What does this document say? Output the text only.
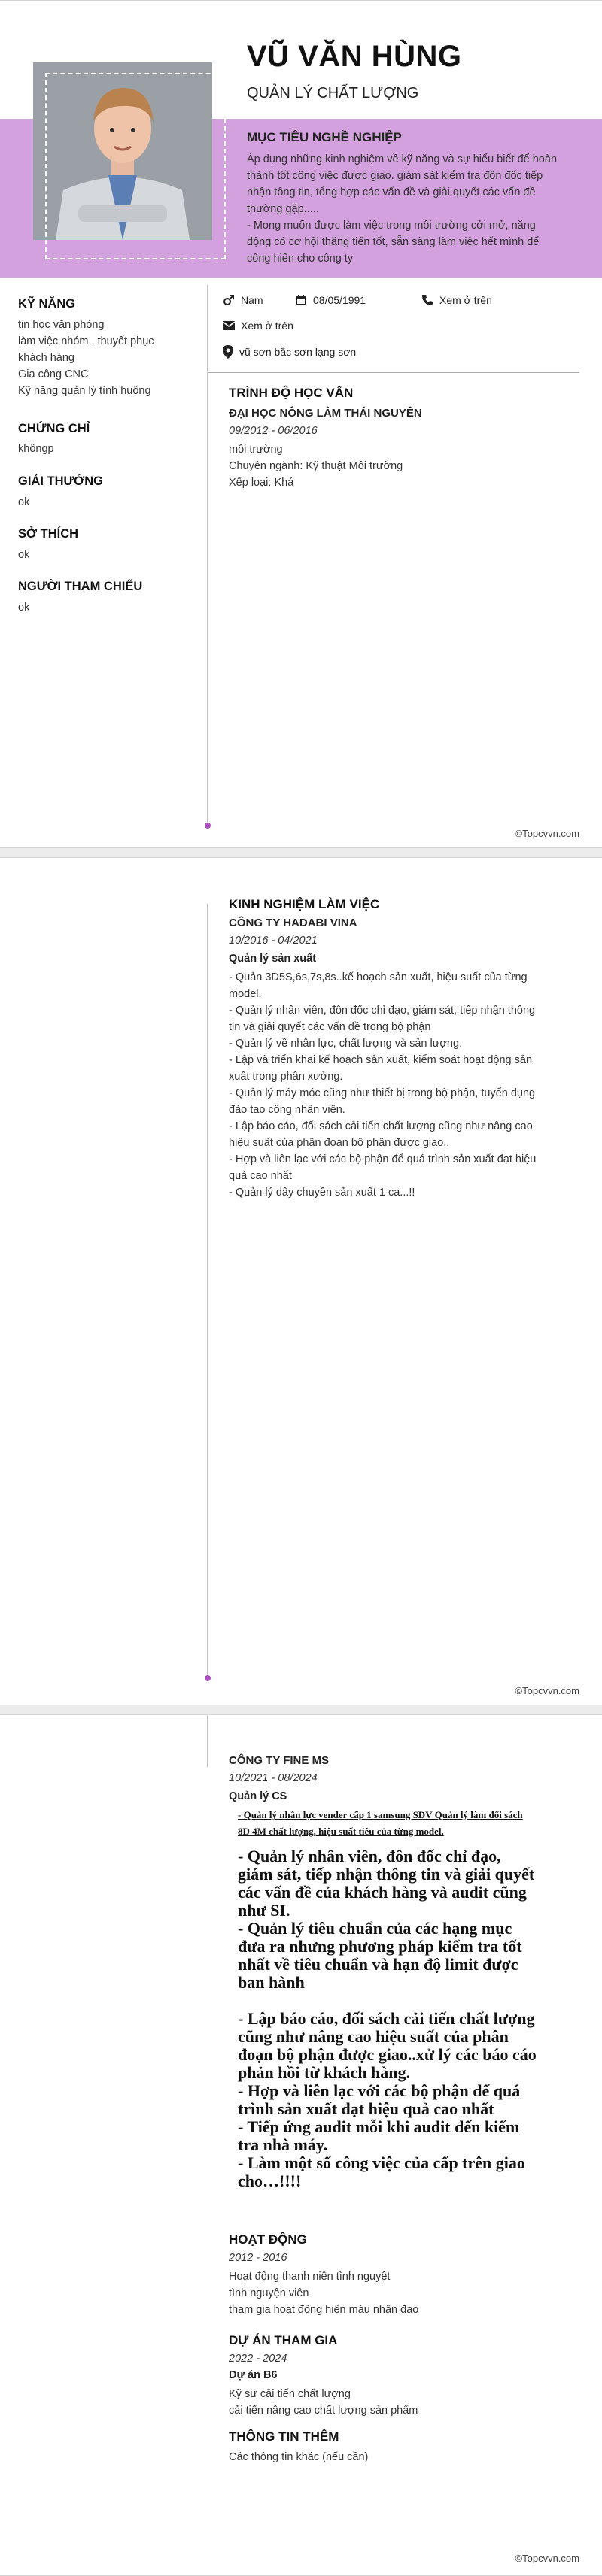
VŨ VĂN HÙNG
QUẢN LÝ CHẤT LƯỢNG
MỤC TIÊU NGHỀ NGHIỆP
Áp dụng những kinh nghiệm về kỹ năng và sự hiểu biết để hoàn
thành tốt công việc được giao. giám sát kiểm tra đôn đốc tiếp
nhận tông tin, tổng hợp các vấn đề và giải quyết các vấn đề
thường gặp.....
- Mong muốn được làm việc trong môi trường cởi mở, năng
động có cơ hội thăng tiến tốt, sẵn sàng làm việc hết mình để
cống hiến cho công ty
Nam	08/05/1991	Xem ở trên
Xem ở trên
vũ sơn bắc sơn lạng sơn
KỸ NĂNG
tin học văn phòng
làm việc nhóm , thuyết phục
khách hàng
Gia công CNC
Kỹ năng quản lý tình huống
CHỨNG CHỈ
khôngp
GIẢI THƯỞNG
ok
SỞ THÍCH
ok
NGƯỜI THAM CHIẾU
ok
TRÌNH ĐỘ HỌC VẤN
ĐẠI HỌC NÔNG LÂM THÁI NGUYÊN
09/2012 - 06/2016
môi trường
Chuyên ngành: Kỹ thuật Môi trường
Xếp loại: Khá
©Topcvvn.com
KINH NGHIỆM LÀM VIỆC
CÔNG TY HADABI VINA
10/2016 - 04/2021
Quản lý sản xuất
- Quản 3D5S,6s,7s,8s..kế hoạch sản xuất, hiệu suất của từng
model.
- Quản lý nhân viên, đôn đốc chỉ đạo, giám sát, tiếp nhận thông
tin và giải quyết các vấn đề trong bộ phận
- Quản lý về nhân lực, chất lượng và sản lượng.
- Lập và triển khai kế hoạch sản xuất, kiểm soát hoạt động sản
xuất trong phân xưởng.
- Quản lý máy móc cũng như thiết bị trong bộ phận, tuyển dụng
đào tao công nhân viên.
- Lập báo cáo, đối sách cải tiến chất lượng cũng như nâng cao
hiệu suất của phân đoạn bộ phận được giao..
- Hợp và liên lạc với các bộ phận để quá trình sản xuất đạt hiệu
quả cao nhất
- Quản lý dây chuyền sản xuất 1 ca...!!
©Topcvvn.com
CÔNG TY FINE MS
10/2021 - 08/2024
Quản lý CS
- Quản lý nhân lực vender cấp 1 samsung SDV Quản lý làm đối sách
8D 4M chất lượng, hiệu suất tiêu của từng model.
- Quản lý nhân viên, đôn đốc chỉ đạo,
giám sát, tiếp nhận thông tin và giải quyết
các vấn đề của khách hàng và audit cũng
như SI.
- Quản lý tiêu chuẩn của các hạng mục
đưa ra nhưng phương pháp kiểm tra tốt
nhất về tiêu chuẩn và hạn độ limit được
ban hành
- Lập báo cáo, đối sách cải tiến chất lượng
cũng như nâng cao hiệu suất của phân
đoạn bộ phận được giao..xử lý các báo cáo
phản hồi từ khách hàng.
- Hợp và liên lạc với các bộ phận để quá
trình sản xuất đạt hiệu quả cao nhất
- Tiếp ứng audit mỗi khi audit đến kiểm
tra nhà máy.
- Làm một số công việc của cấp trên giao
cho…!!!!
HOẠT ĐỘNG
2012 - 2016
Hoạt động thanh niên tình nguyệt
tình nguyện viên
tham gia hoạt động hiến máu nhân đạo
DỰ ÁN THAM GIA
2022 - 2024
Dự án B6
Kỹ sư cải tiến chất lượng
cải tiến nâng cao chất lượng sản phẩm
THÔNG TIN THÊM
Các thông tin khác (nếu cần)
©Topcvvn.com
